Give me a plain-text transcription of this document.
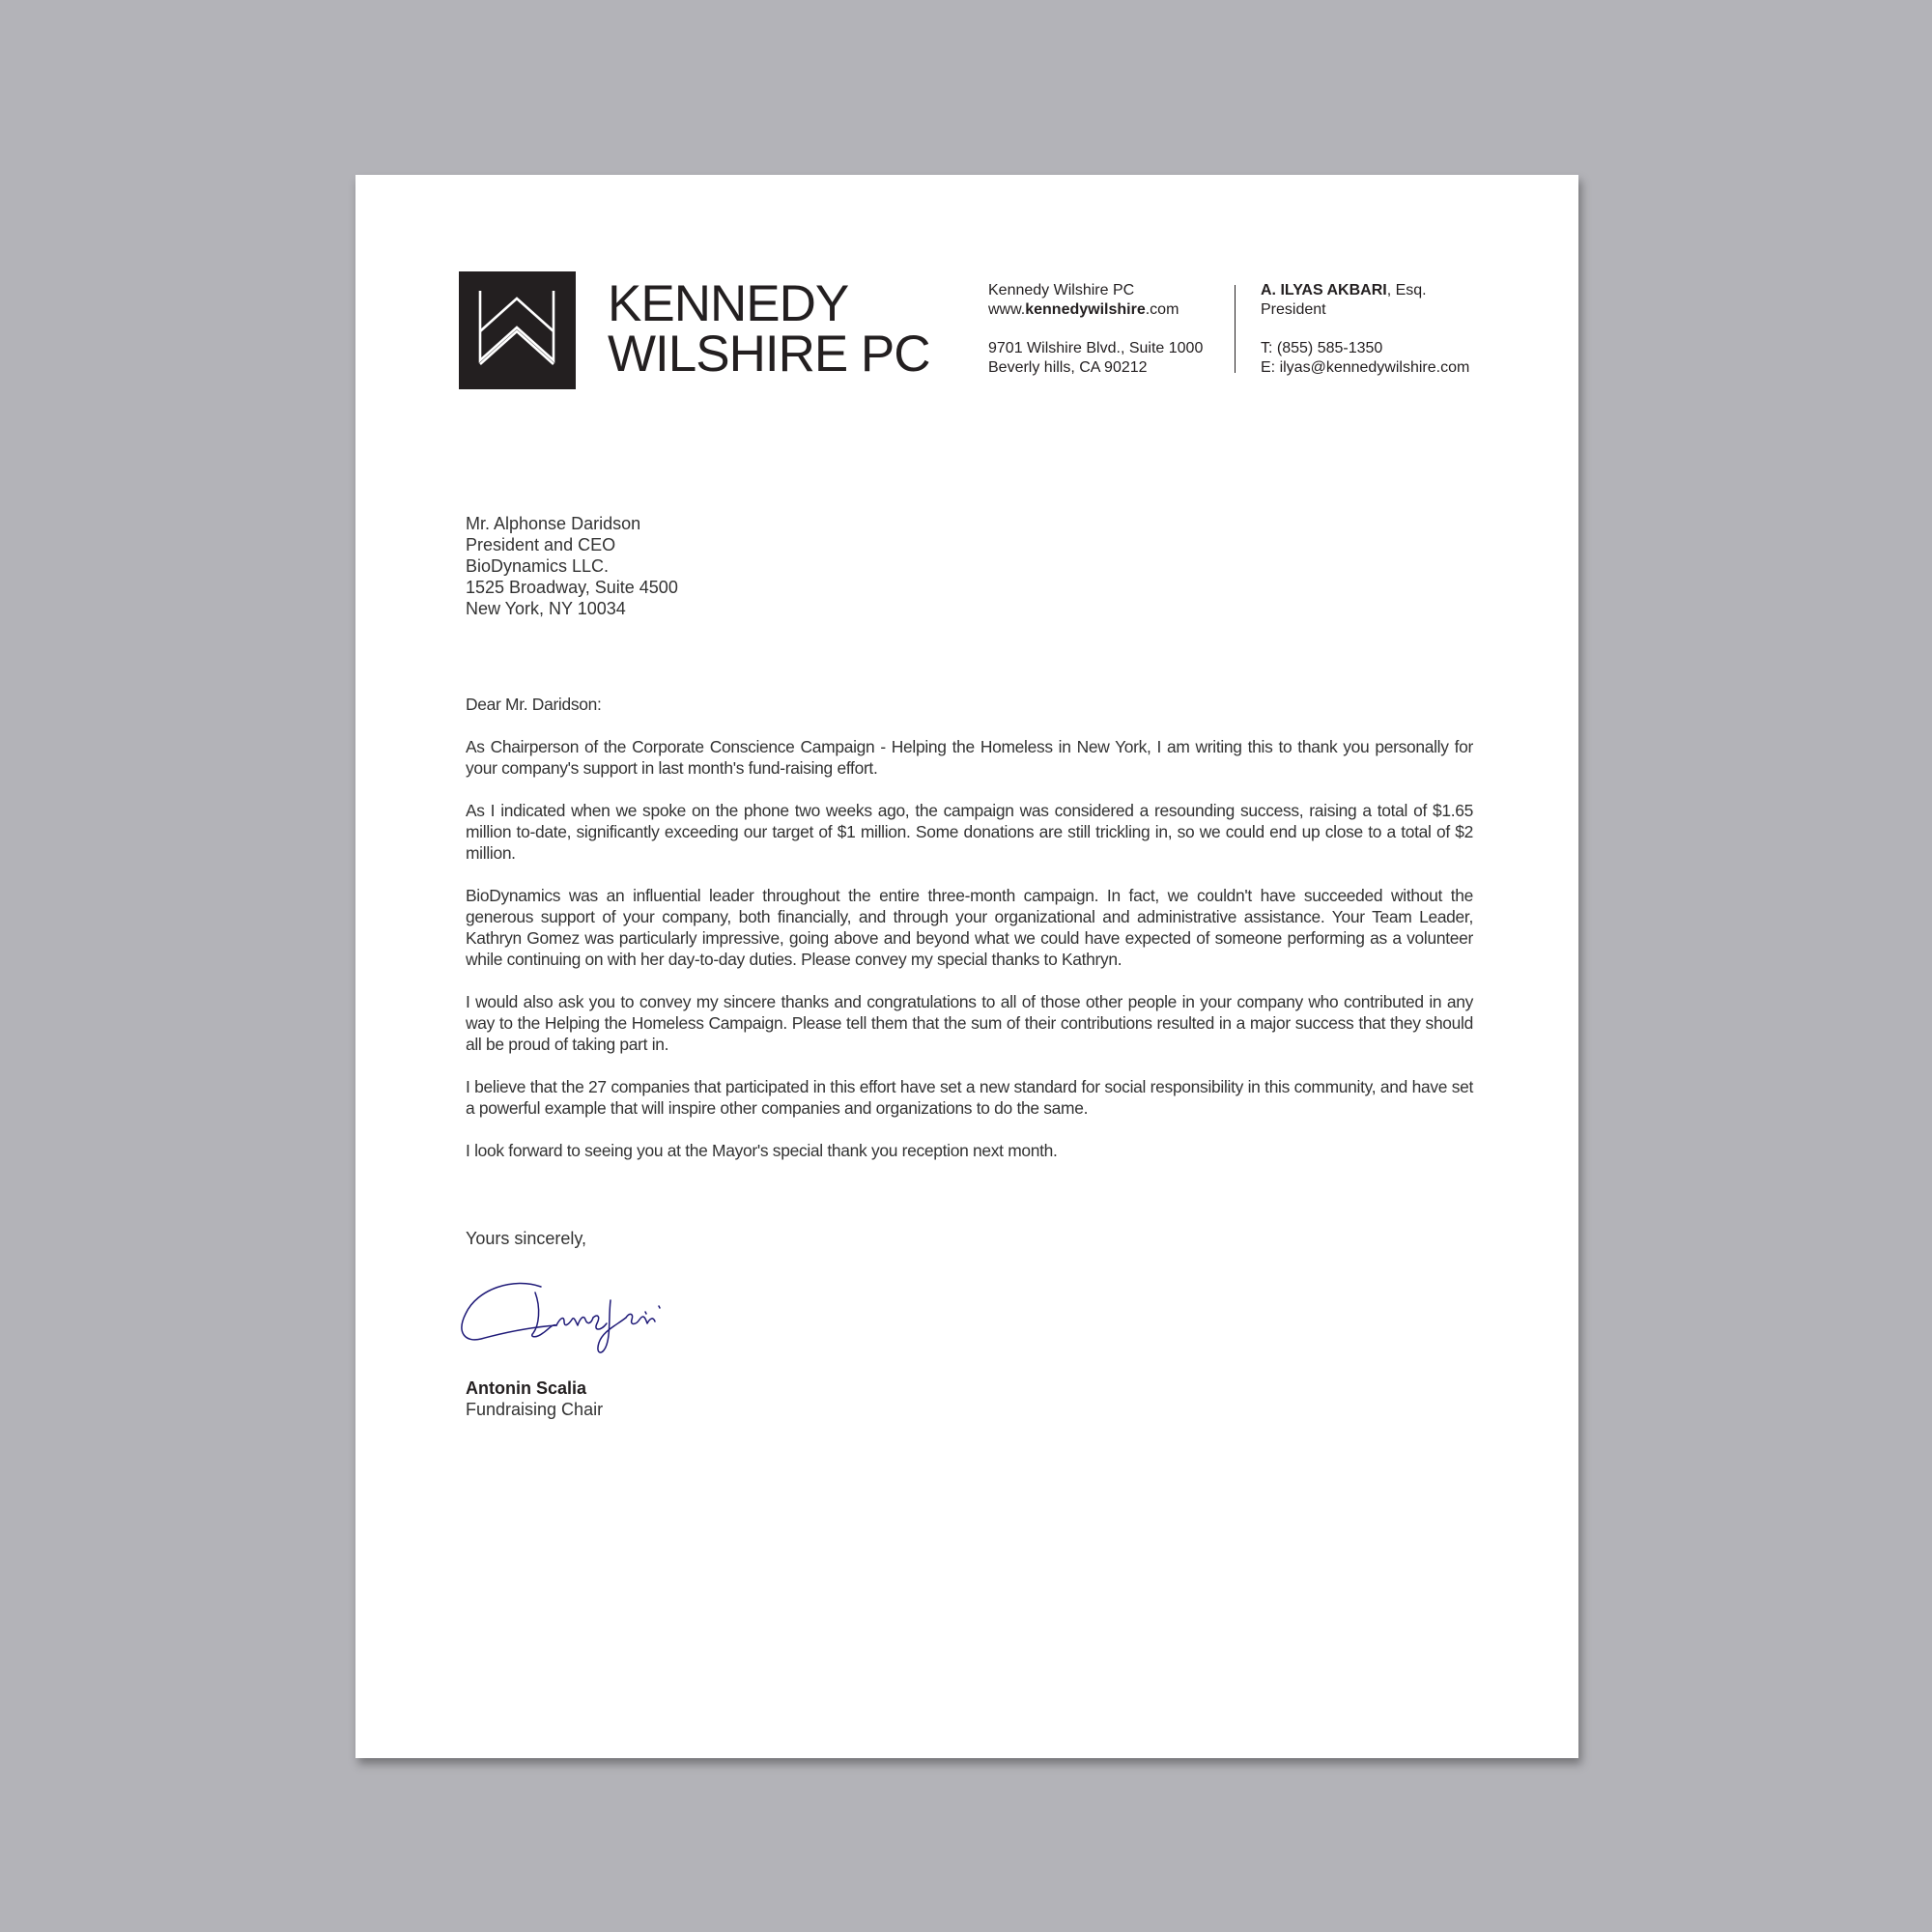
KENNEDY
WILSHIRE PC
Kennedy Wilshire PC
www.kennedywilshire.com
9701 Wilshire Blvd., Suite 1000
Beverly hills, CA 90212
A. ILYAS AKBARI, Esq.
President
T: (855) 585-1350
E: ilyas@kennedywilshire.com
Mr. Alphonse Daridson
President and CEO
BioDynamics LLC.
1525 Broadway, Suite 4500
New York, NY 10034

Dear Mr. Daridson:

As Chairperson of the Corporate Conscience Campaign - Helping the Homeless in New York, I am writing this to thank you personally for your company's support in last month's fund-raising effort.

As I indicated when we spoke on the phone two weeks ago, the campaign was considered a resounding success, raising a total of $1.65 million to-date, significantly exceeding our target of $1 million. Some donations are still trickling in, so we could end up close to a total of $2 million.

BioDynamics was an influential leader throughout the entire three-month campaign. In fact, we couldn't have succeeded without the generous support of your company, both financially, and through your organizational and administrative assistance. Your Team Leader, Kathryn Gomez was particularly impressive, going above and beyond what we could have expected of someone performing as a volunteer while continuing on with her day-to-day duties. Please convey my special thanks to Kathryn.

I would also ask you to convey my sincere thanks and congratulations to all of those other people in your company who contributed in any way to the Helping the Homeless Campaign. Please tell them that the sum of their contributions resulted in a major success that they should all be proud of taking part in.

I believe that the 27 companies that participated in this effort have set a new standard for social responsibility in this community, and have set a powerful example that will inspire other companies and organizations to do the same.

I look forward to seeing you at the Mayor's special thank you reception next month.

Yours sincerely,
Antonin Scalia
Fundraising Chair
